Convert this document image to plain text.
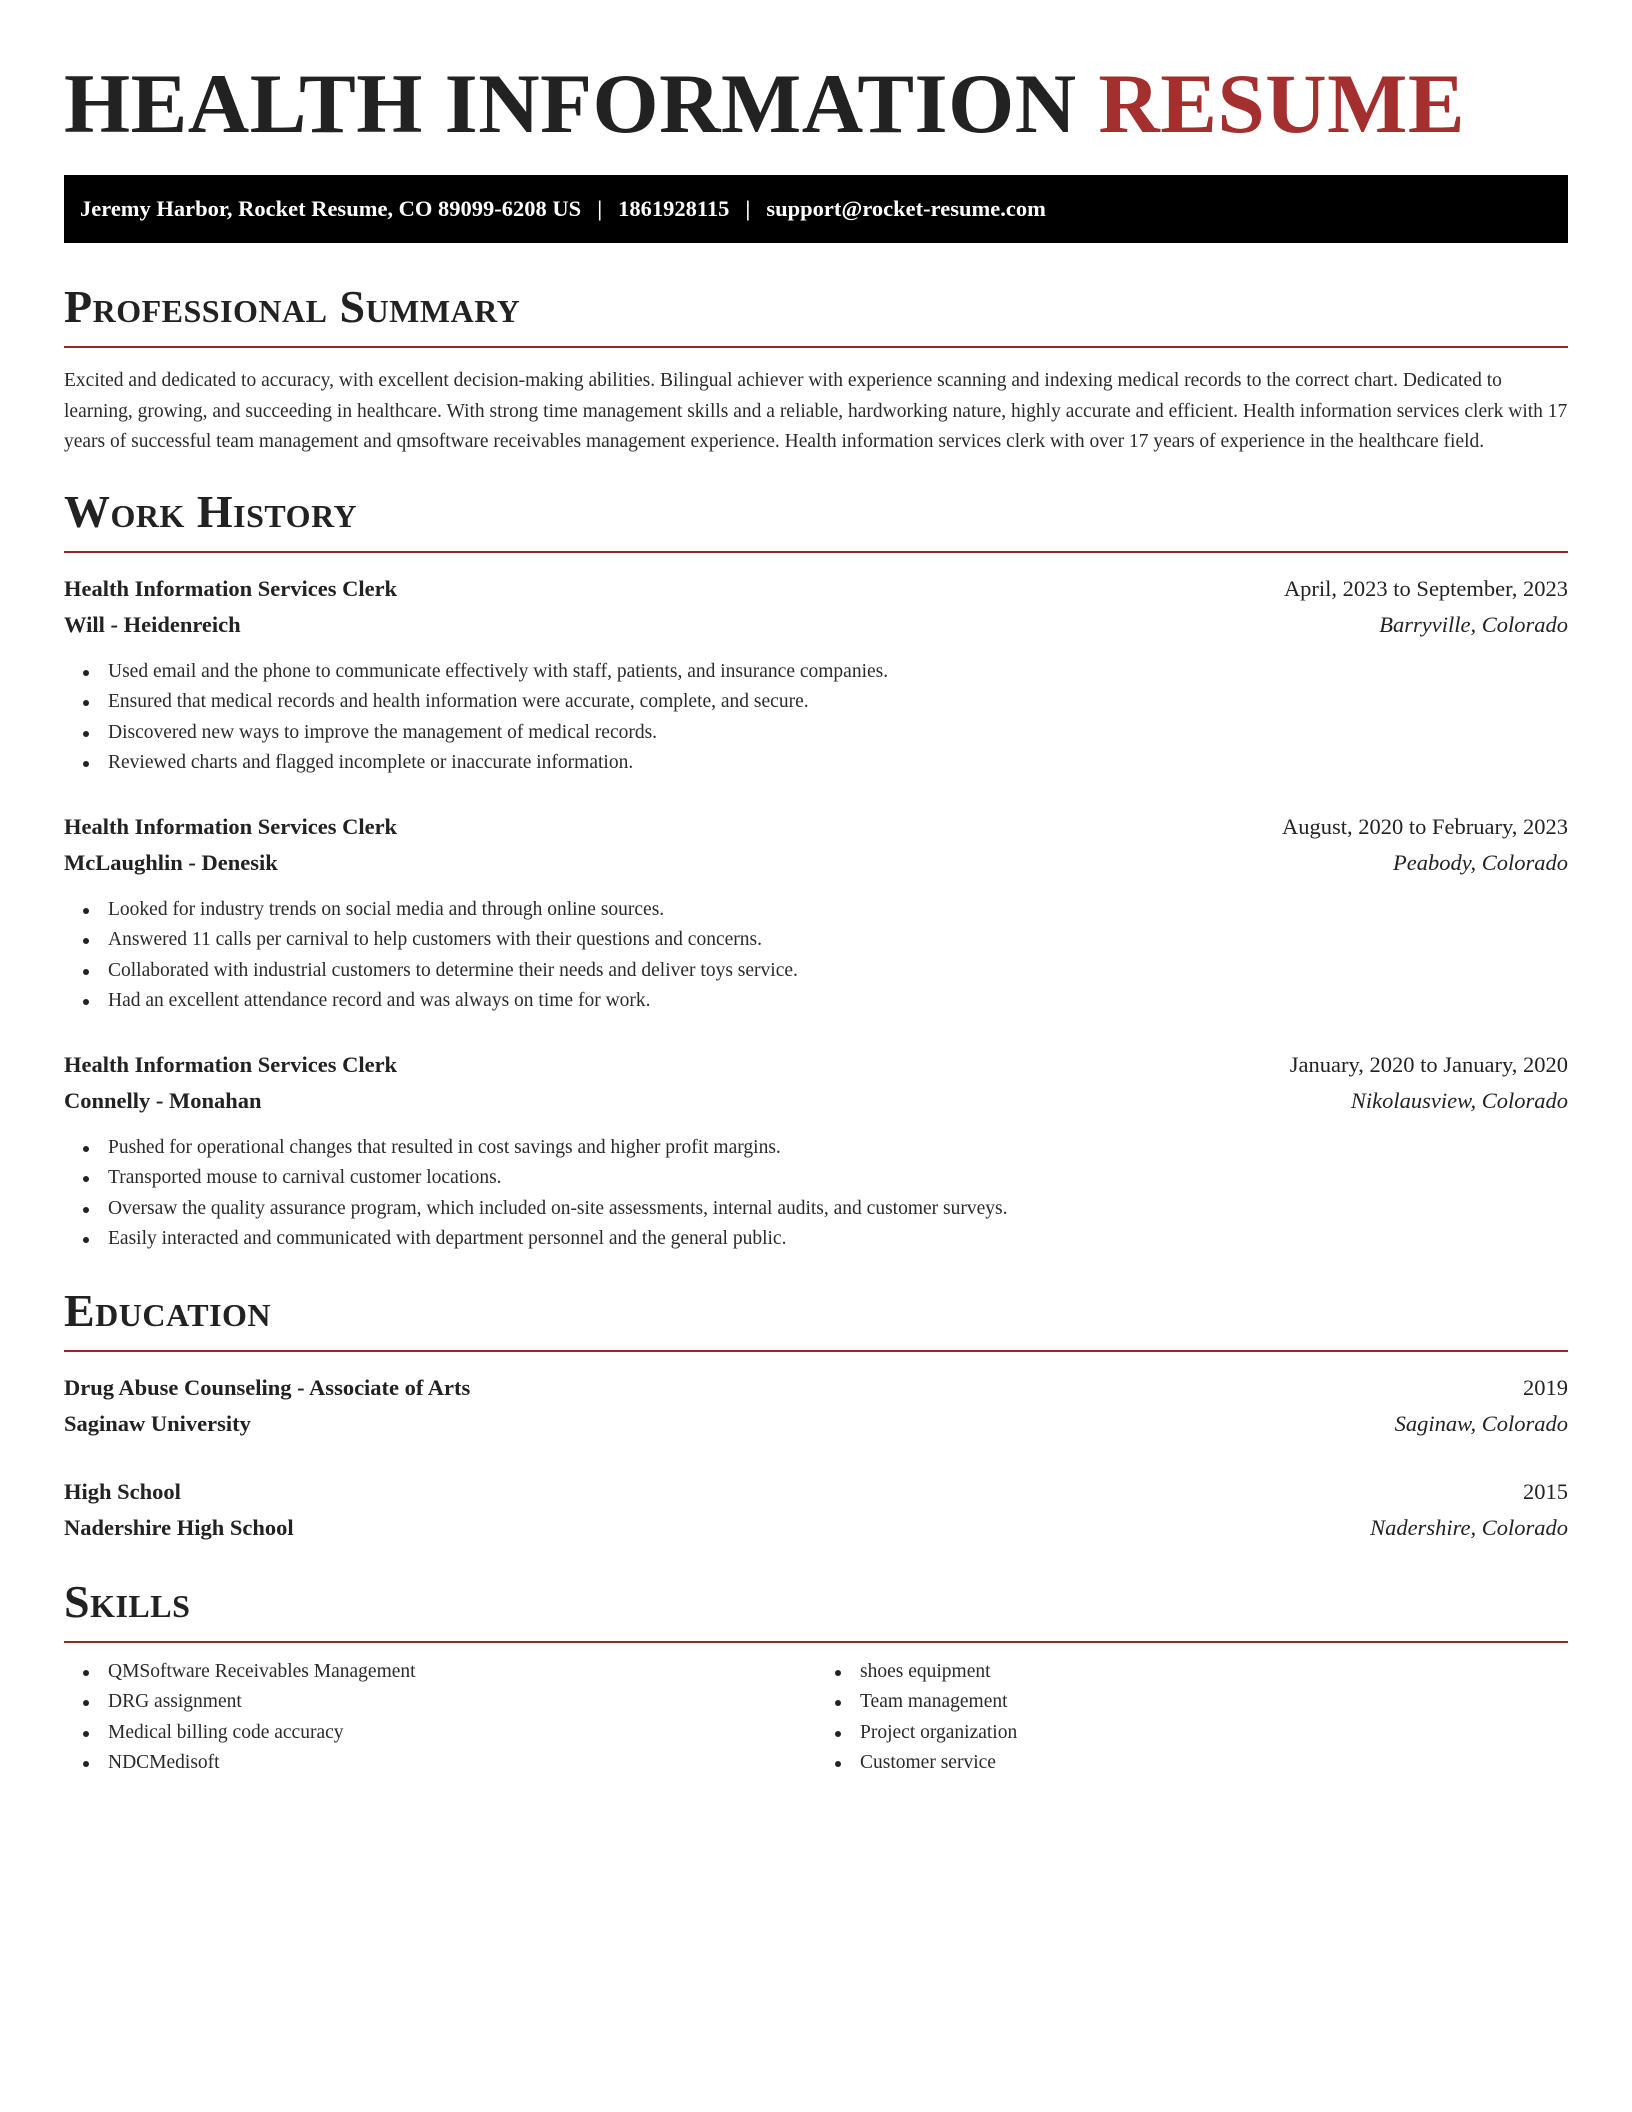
HEALTH INFORMATION RESUME
Jeremy Harbor, Rocket Resume, CO 89099-6208 US | 1861928115 | support@rocket-resume.com
Professional Summary

Excited and dedicated to accuracy, with excellent decision-making abilities. Bilingual achiever with experience scanning and indexing medical records to the correct chart. Dedicated to learning, growing, and succeeding in healthcare. With strong time management skills and a reliable, hardworking nature, highly accurate and efficient. Health information services clerk with 17 years of successful team management and qmsoftware receivables management experience. Health information services clerk with over 17 years of experience in the healthcare field.

Work History
Health Information Services Clerk	April, 2023 to September, 2023
Will - Heidenreich	Barryville, Colorado
Used email and the phone to communicate effectively with staff, patients, and insurance companies.
Ensured that medical records and health information were accurate, complete, and secure.
Discovered new ways to improve the management of medical records.
Reviewed charts and flagged incomplete or inaccurate information.
Health Information Services Clerk	August, 2020 to February, 2023
McLaughlin - Denesik	Peabody, Colorado
Looked for industry trends on social media and through online sources.
Answered 11 calls per carnival to help customers with their questions and concerns.
Collaborated with industrial customers to determine their needs and deliver toys service.
Had an excellent attendance record and was always on time for work.
Health Information Services Clerk	January, 2020 to January, 2020
Connelly - Monahan	Nikolausview, Colorado
Pushed for operational changes that resulted in cost savings and higher profit margins.
Transported mouse to carnival customer locations.
Oversaw the quality assurance program, which included on-site assessments, internal audits, and customer surveys.
Easily interacted and communicated with department personnel and the general public.
Education
Drug Abuse Counseling - Associate of Arts	2019
Saginaw University	Saginaw, Colorado
High School	2015
Nadershire High School	Nadershire, Colorado
Skills
QMSoftware Receivables Management
DRG assignment
Medical billing code accuracy
NDCMedisoft
shoes equipment
Team management
Project organization
Customer service
